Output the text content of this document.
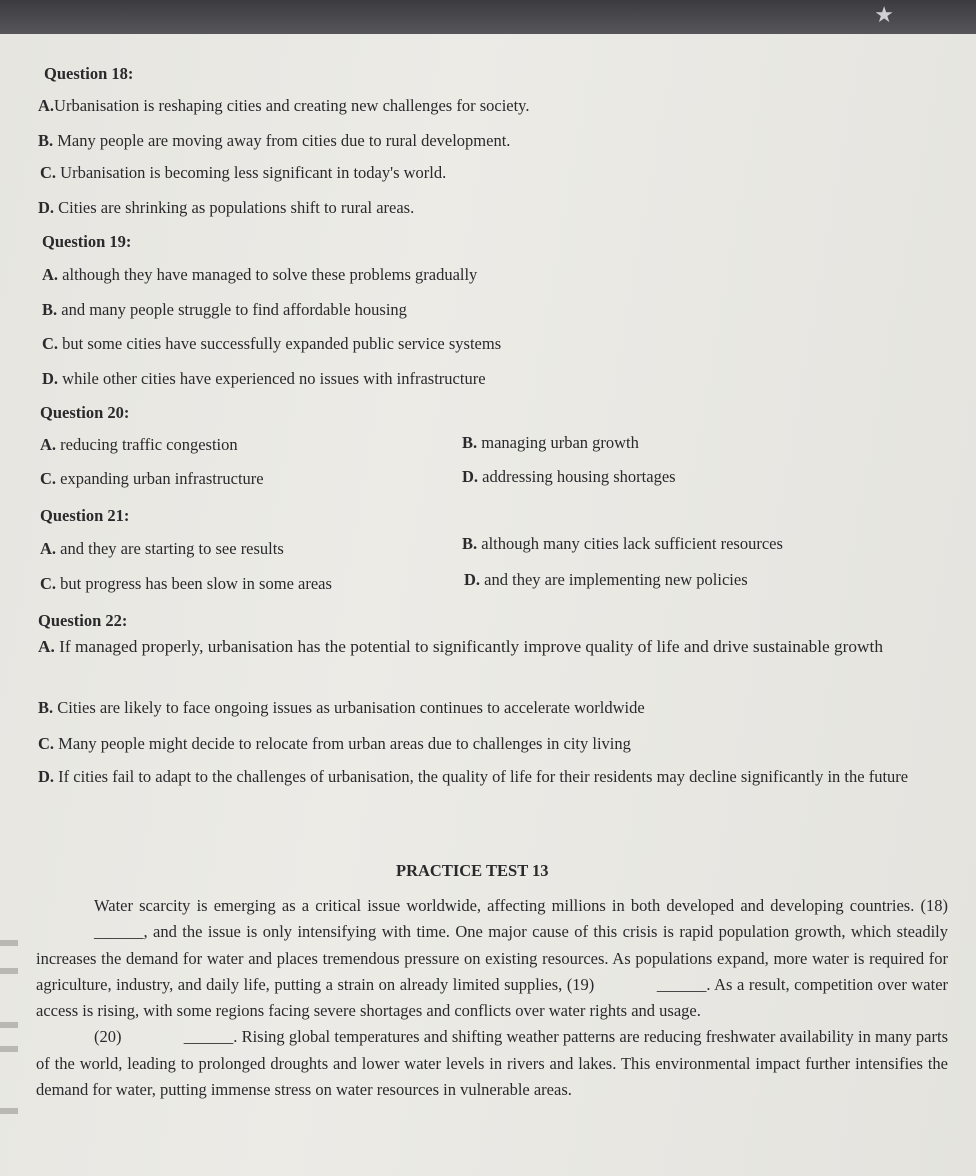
★
Question 18:
A.Urbanisation is reshaping cities and creating new challenges for society.
B. Many people are moving away from cities due to rural development.
C. Urbanisation is becoming less significant in today's world.
D. Cities are shrinking as populations shift to rural areas.
Question 19:
A. although they have managed to solve these problems gradually
B. and many people struggle to find affordable housing
C. but some cities have successfully expanded public service systems
D. while other cities have experienced no issues with infrastructure
Question 20:
A. reducing traffic congestion	B. managing urban growth
C. expanding urban infrastructure	D. addressing housing shortages
Question 21:
A. and they are starting to see results	B. although many cities lack sufficient resources
C. but progress has been slow in some areas	D. and they are implementing new policies
Question 22:
A. If managed properly, urbanisation has the potential to significantly improve quality of life and drive sustainable growth
B. Cities are likely to face ongoing issues as urbanisation continues to accelerate worldwide
C. Many people might decide to relocate from urban areas due to challenges in city living
D. If cities fail to adapt to the challenges of urbanisation, the quality of life for their residents may decline significantly in the future
PRACTICE TEST 13

Water scarcity is emerging as a critical issue worldwide, affecting millions in both developed and developing countries. (18) ______, and the issue is only intensifying with time. One major cause of this crisis is rapid population growth, which steadily increases the demand for water and places tremendous pressure on existing resources. As populations expand, more water is required for agriculture, industry, and daily life, putting a strain on already limited supplies, (19)	______. As a result, competition over water access is rising, with some regions facing severe shortages and conflicts over water rights and usage.

(20)	______. Rising global temperatures and shifting weather patterns are reducing freshwater availability in many parts of the world, leading to prolonged droughts and lower water levels in rivers and lakes. This environmental impact further intensifies the demand for water, putting immense stress on water resources in vulnerable areas.
